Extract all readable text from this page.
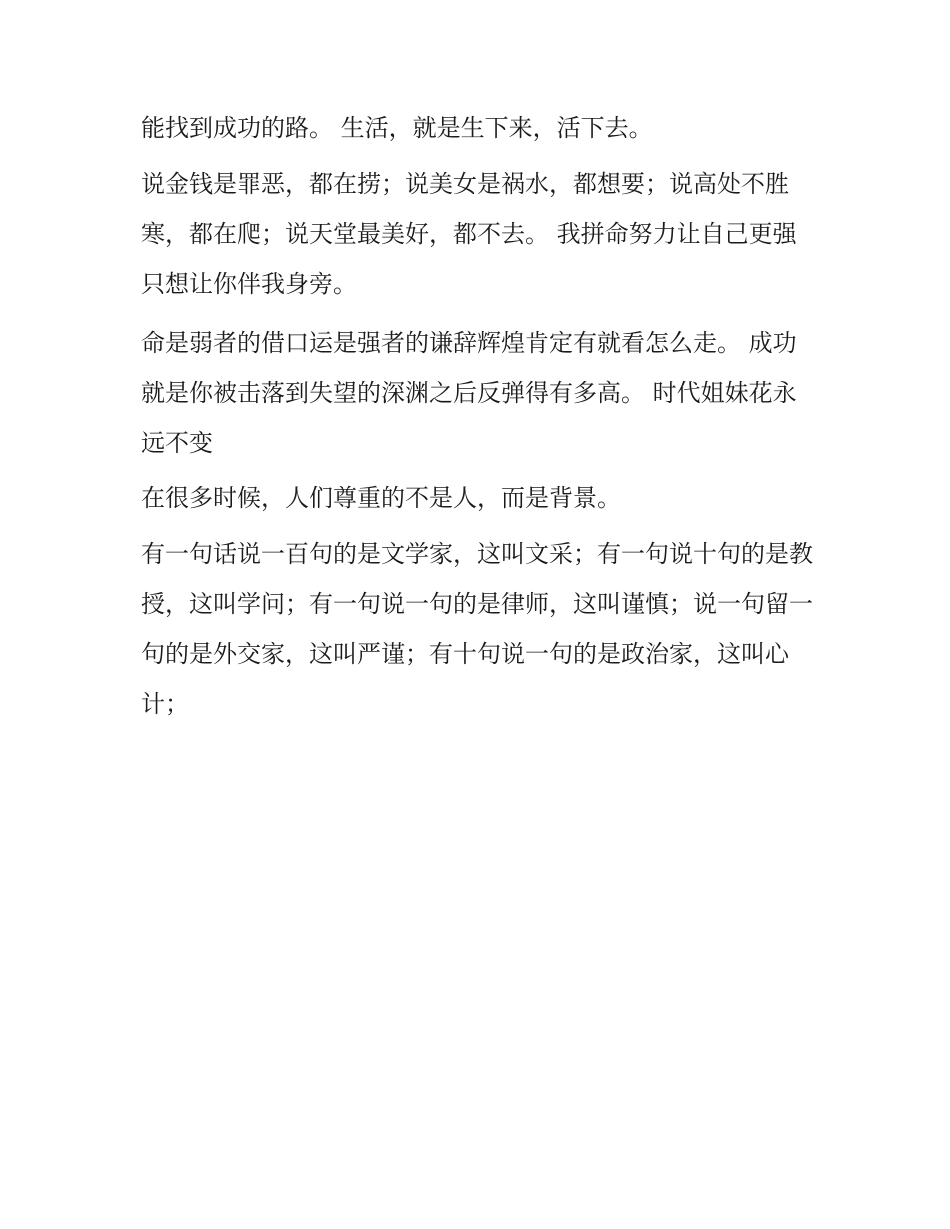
能找到成功的路。 生活，就是生下来，活下去。

说金钱是罪恶，都在捞；说美女是祸水，都想要；说高处不胜寒，都在爬；说天堂最美好，都不去。 我拼命努力让自己更强只想让你伴我身旁。

命是弱者的借口运是强者的谦辞辉煌肯定有就看怎么走。 成功就是你被击落到失望的深渊之后反弹得有多高。 时代姐妹花永远不变

在很多时候，人们尊重的不是人，而是背景。

有一句话说一百句的是文学家，这叫文采；有一句说十句的是教授，这叫学问；有一句说一句的是律师，这叫谨慎；说一句留一句的是外交家，这叫严谨；有十句说一句的是政治家，这叫心计；
